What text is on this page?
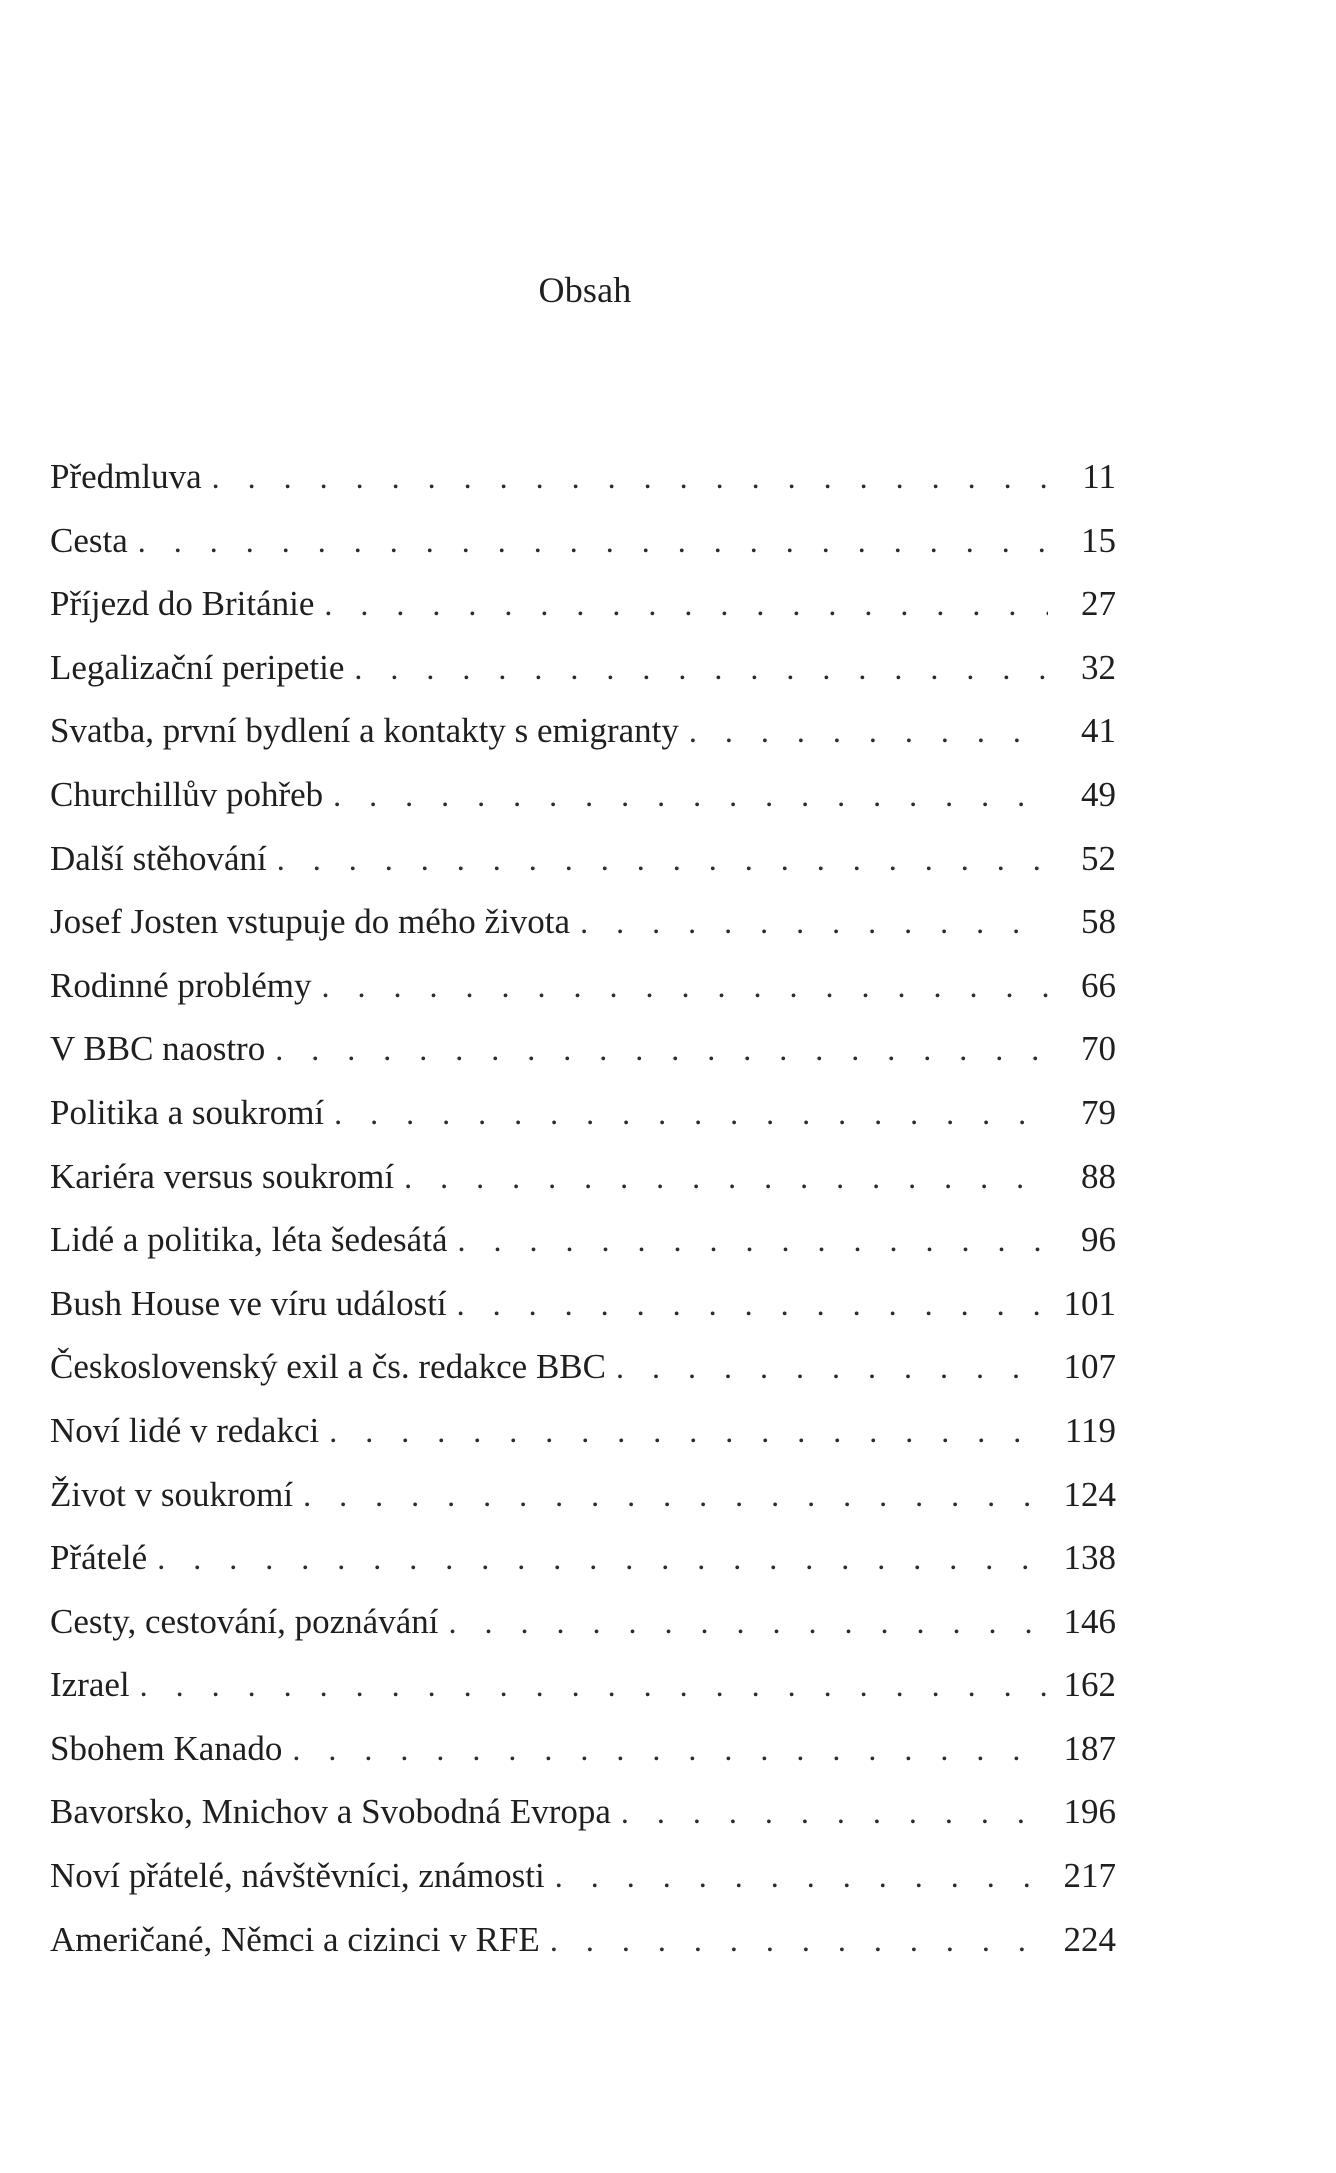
Obsah
Předmluva . . .	11
Cesta . . .	15
Příjezd do Británie . . .	27
Legalizační peripetie . . .	32
Svatba, první bydlení a kontakty s emigranty . . .	41
Churchillův pohřeb . . .	49
Další stěhování . . .	52
Josef Josten vstupuje do mého života . . .	58
Rodinné problémy . . .	66
V BBC naostro . . .	70
Politika a soukromí . . .	79
Kariéra versus soukromí . . .	88
Lidé a politika, léta šedesátá . . .	96
Bush House ve víru událostí . . .	101
Československý exil a čs. redakce BBC . . .	107
Noví lidé v redakci . . .	119
Život v soukromí . . .	124
Přátelé . . .	138
Cesty, cestování, poznávání . . .	146
Izrael . . .	162
Sbohem Kanado . . .	187
Bavorsko, Mnichov a Svobodná Evropa . . .	196
Noví přátelé, návštěvníci, známosti . . .	217
Američané, Němci a cizinci v RFE . . .	224
